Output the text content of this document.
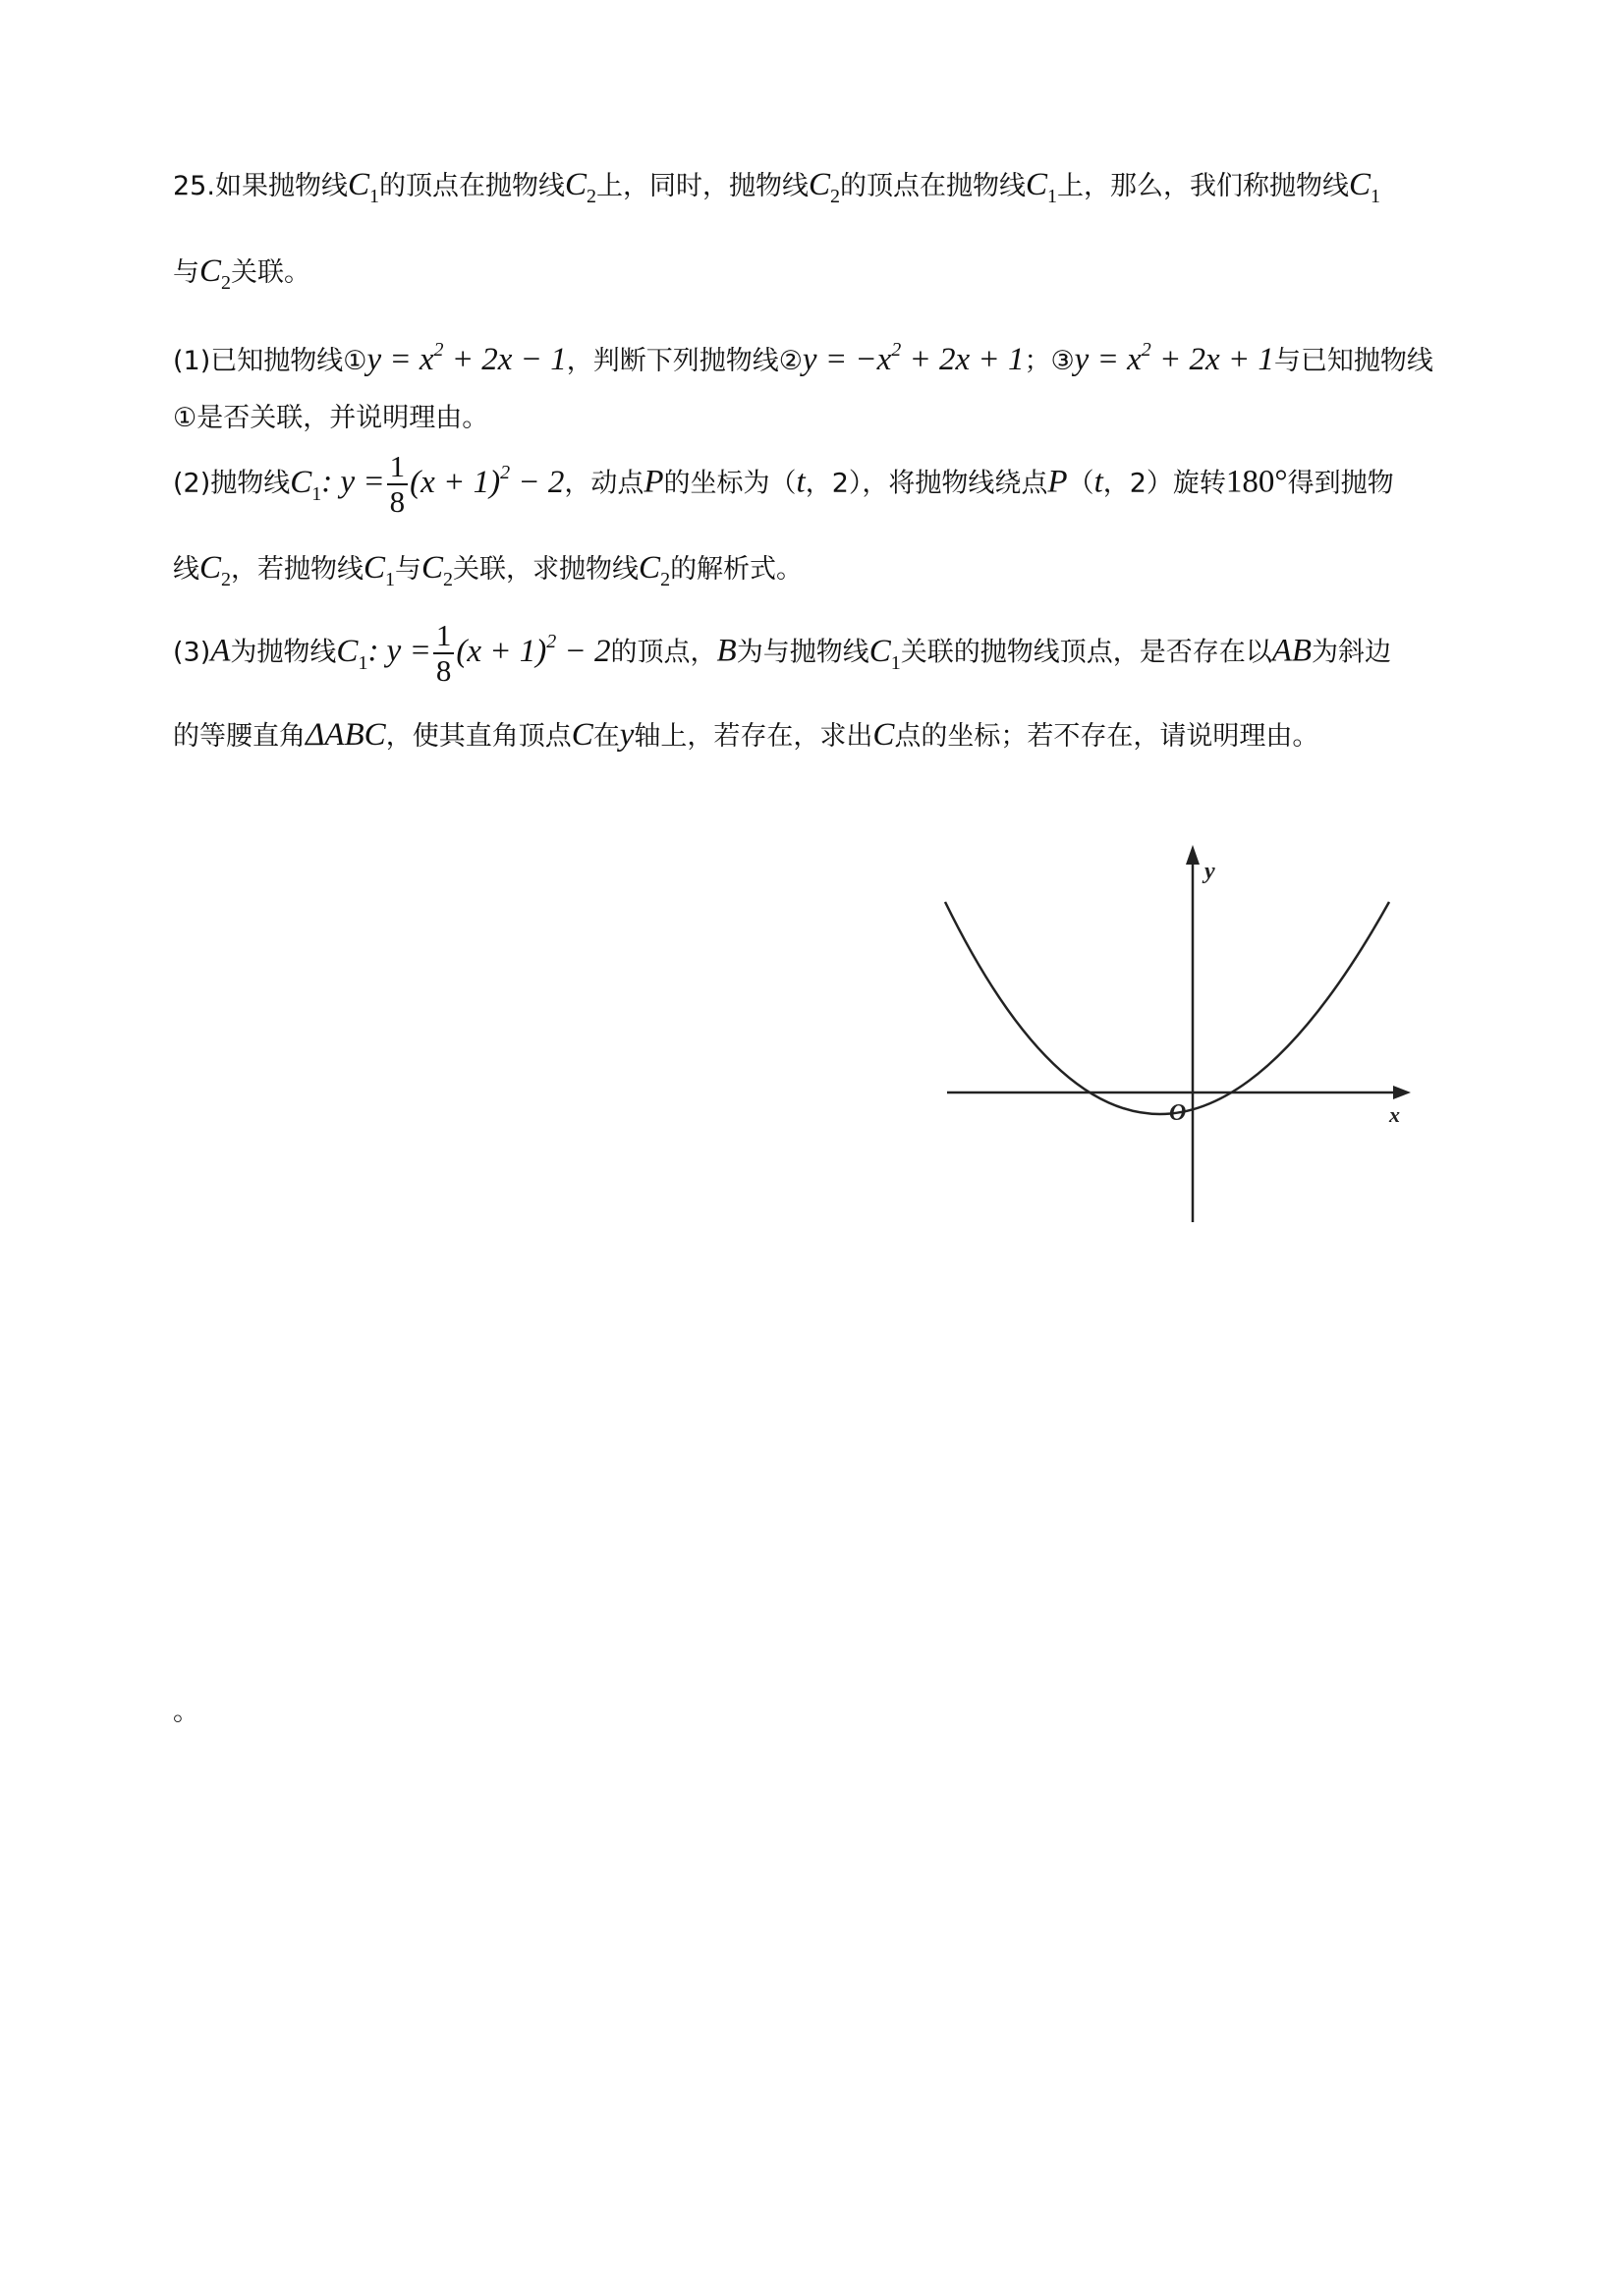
25.如果抛物线$C_1$的顶点在抛物线$C_2$上，同时，抛物线$C_2$的顶点在抛物线$C_1$上，那么，我们称抛物线$C_1$
与$C_2$关联。
(1)已知抛物线①y = $x^2 + 2x - 1$，判断下列抛物线②y = $-x^2 + 2x + 1$；③y = $x^2 + 2x + 1$与已知抛物线
①是否关联，并说明理由。
(2)抛物线$C_1$: $y = \frac{1}{8} (x + 1)^2 - 2$，动点P的坐标为（t，2），将抛物线绕点P（t，2）旋转180°得到抛物
线$C_2$，若抛物线$C_1$与$C_2$关联，求抛物线$C_2$的解析式。
(3)A为抛物线$C_1$: $y = \frac{1}{8} (x + 1)^2 - 2$的顶点，B为与抛物线$C_1$关联的抛物线顶点，是否存在以AB为斜边
的等腰直角ΔABC，使其直角顶点C在y轴上，若存在，求出C点的坐标；若不存在，请说明理由。
y
x
O
。
